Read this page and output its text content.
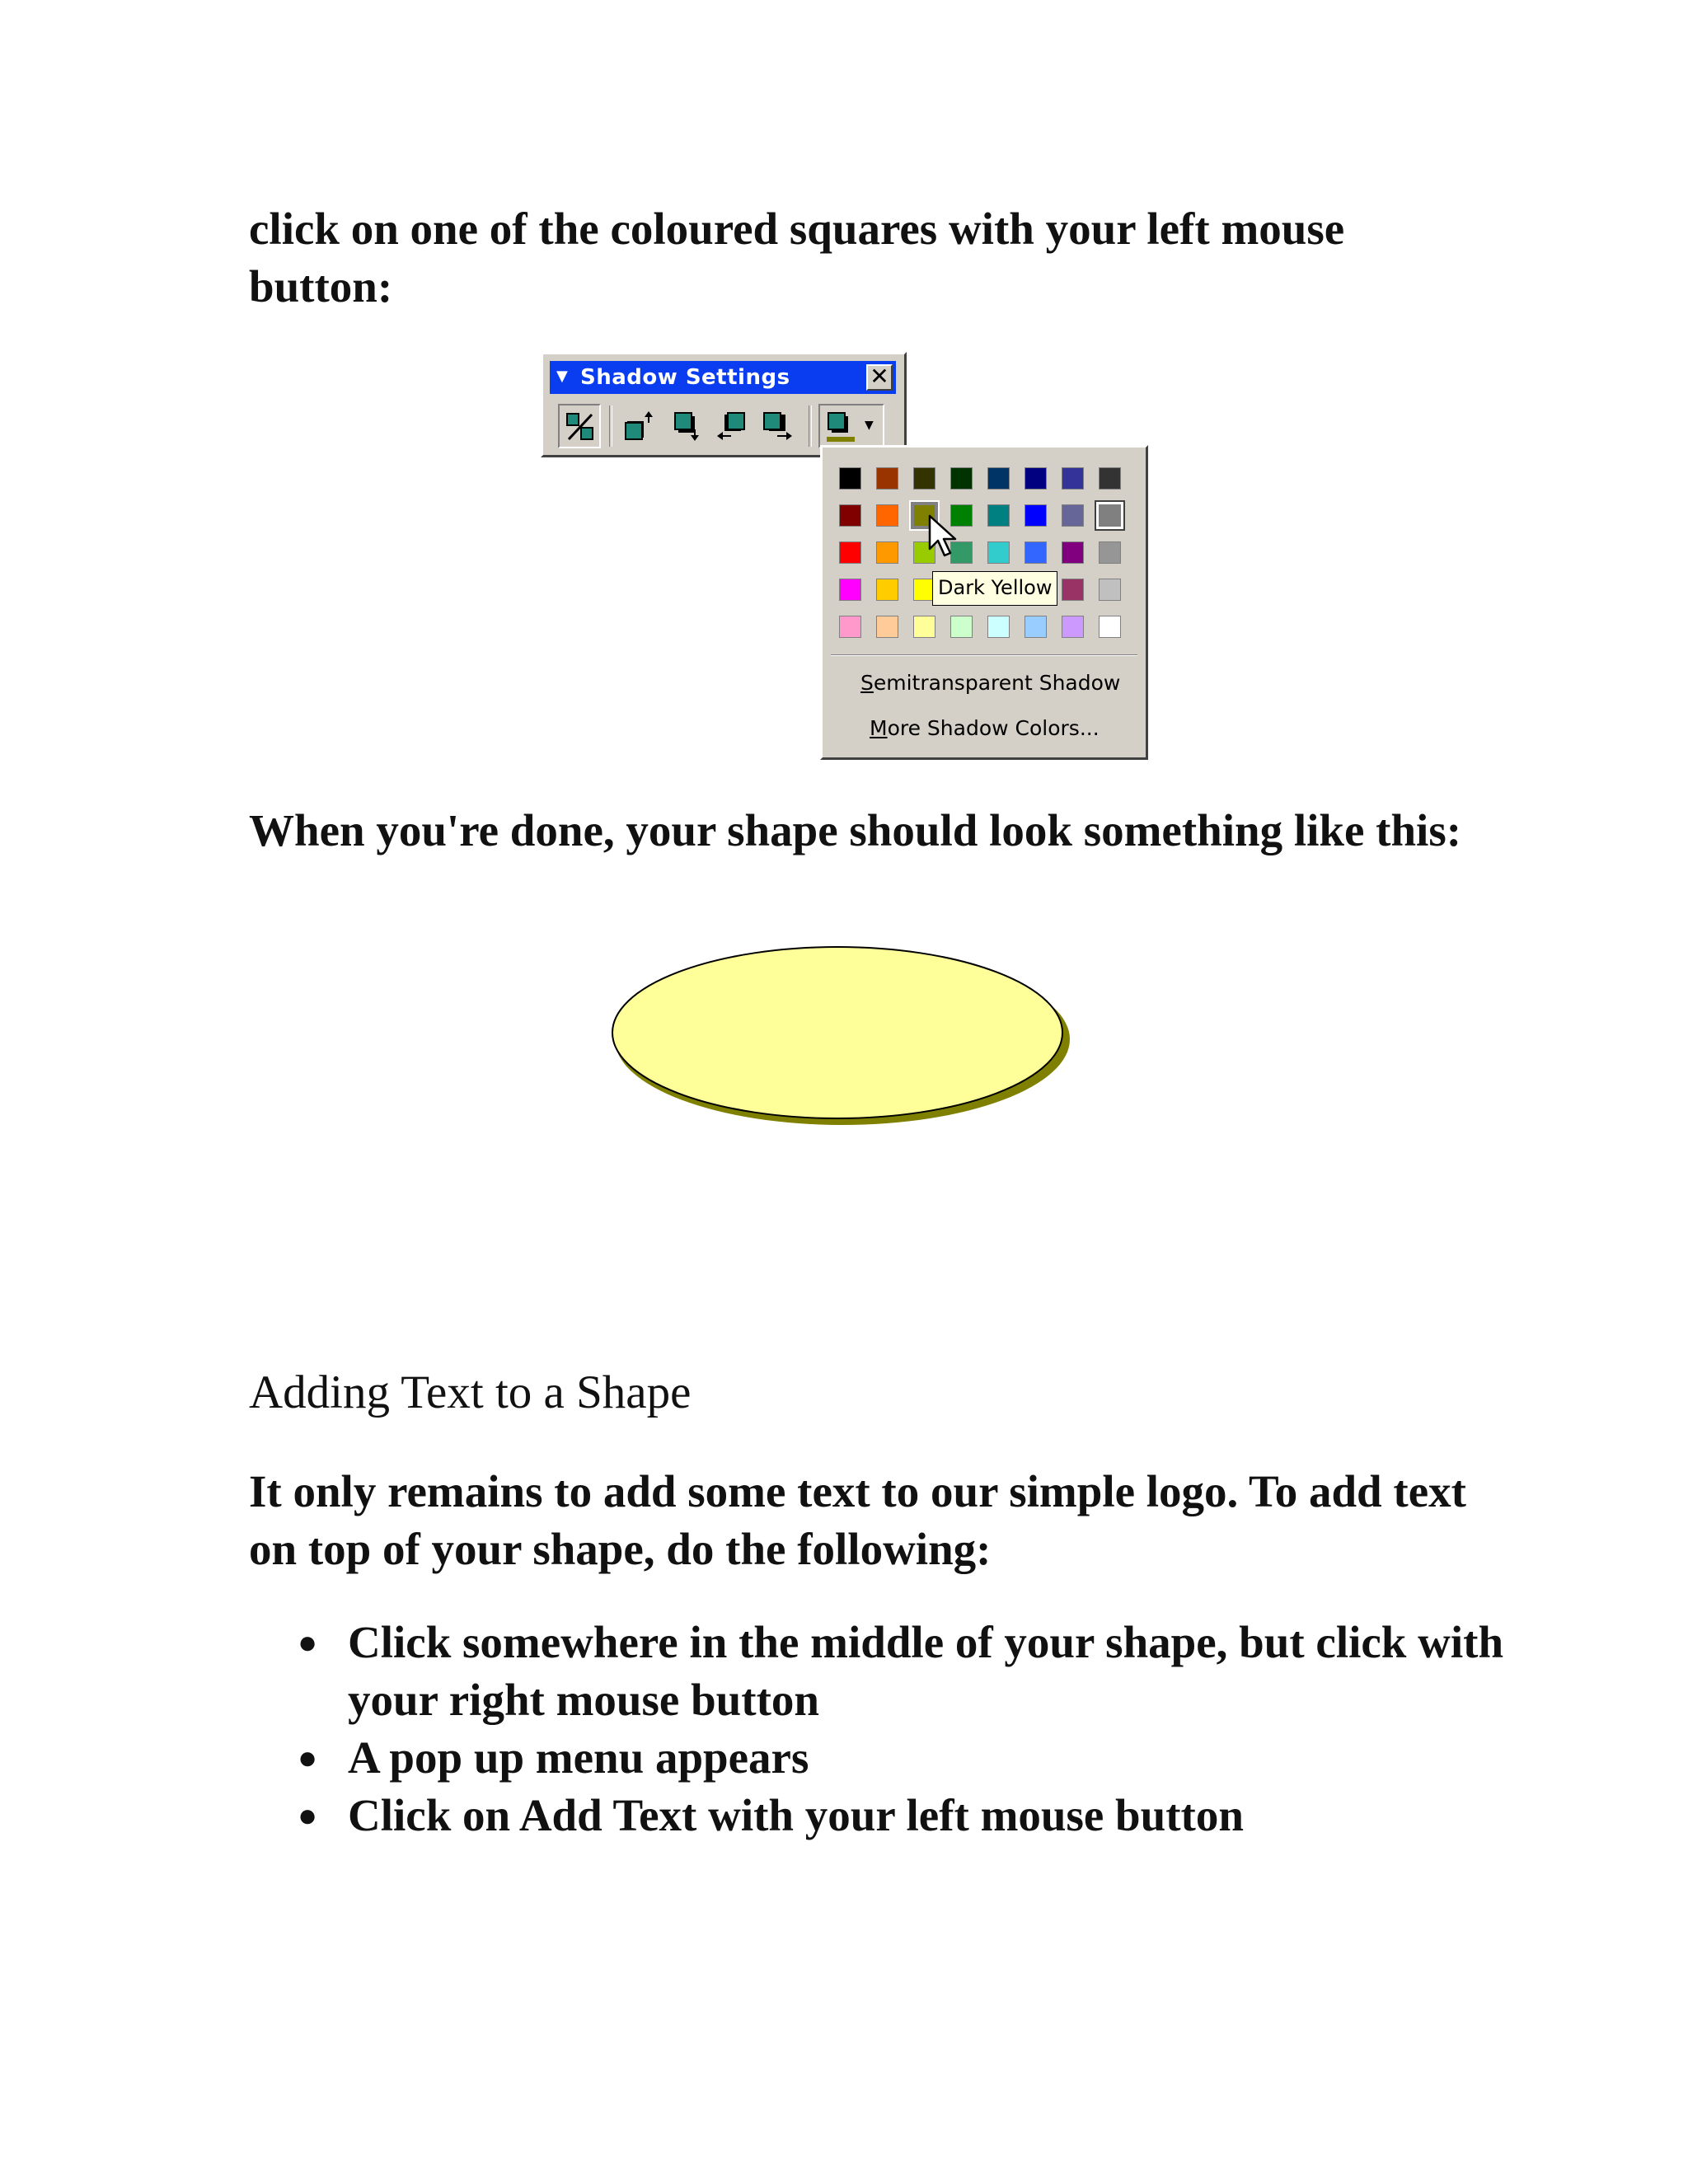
click on one of the coloured squares with your left mouse button:

▼ Shadow Settings	✕
▼
Dark Yellow
Semitransparent Shadow
More Shadow Colors...

When you're done, your shape should look something like this:

Adding Text to a Shape

It only remains to add some text to our simple logo. To add text on top of your shape, do the following:

● Click somewhere in the middle of your shape, but click with your right mouse button
● A pop up menu appears
● Click on Add Text with your left mouse button
